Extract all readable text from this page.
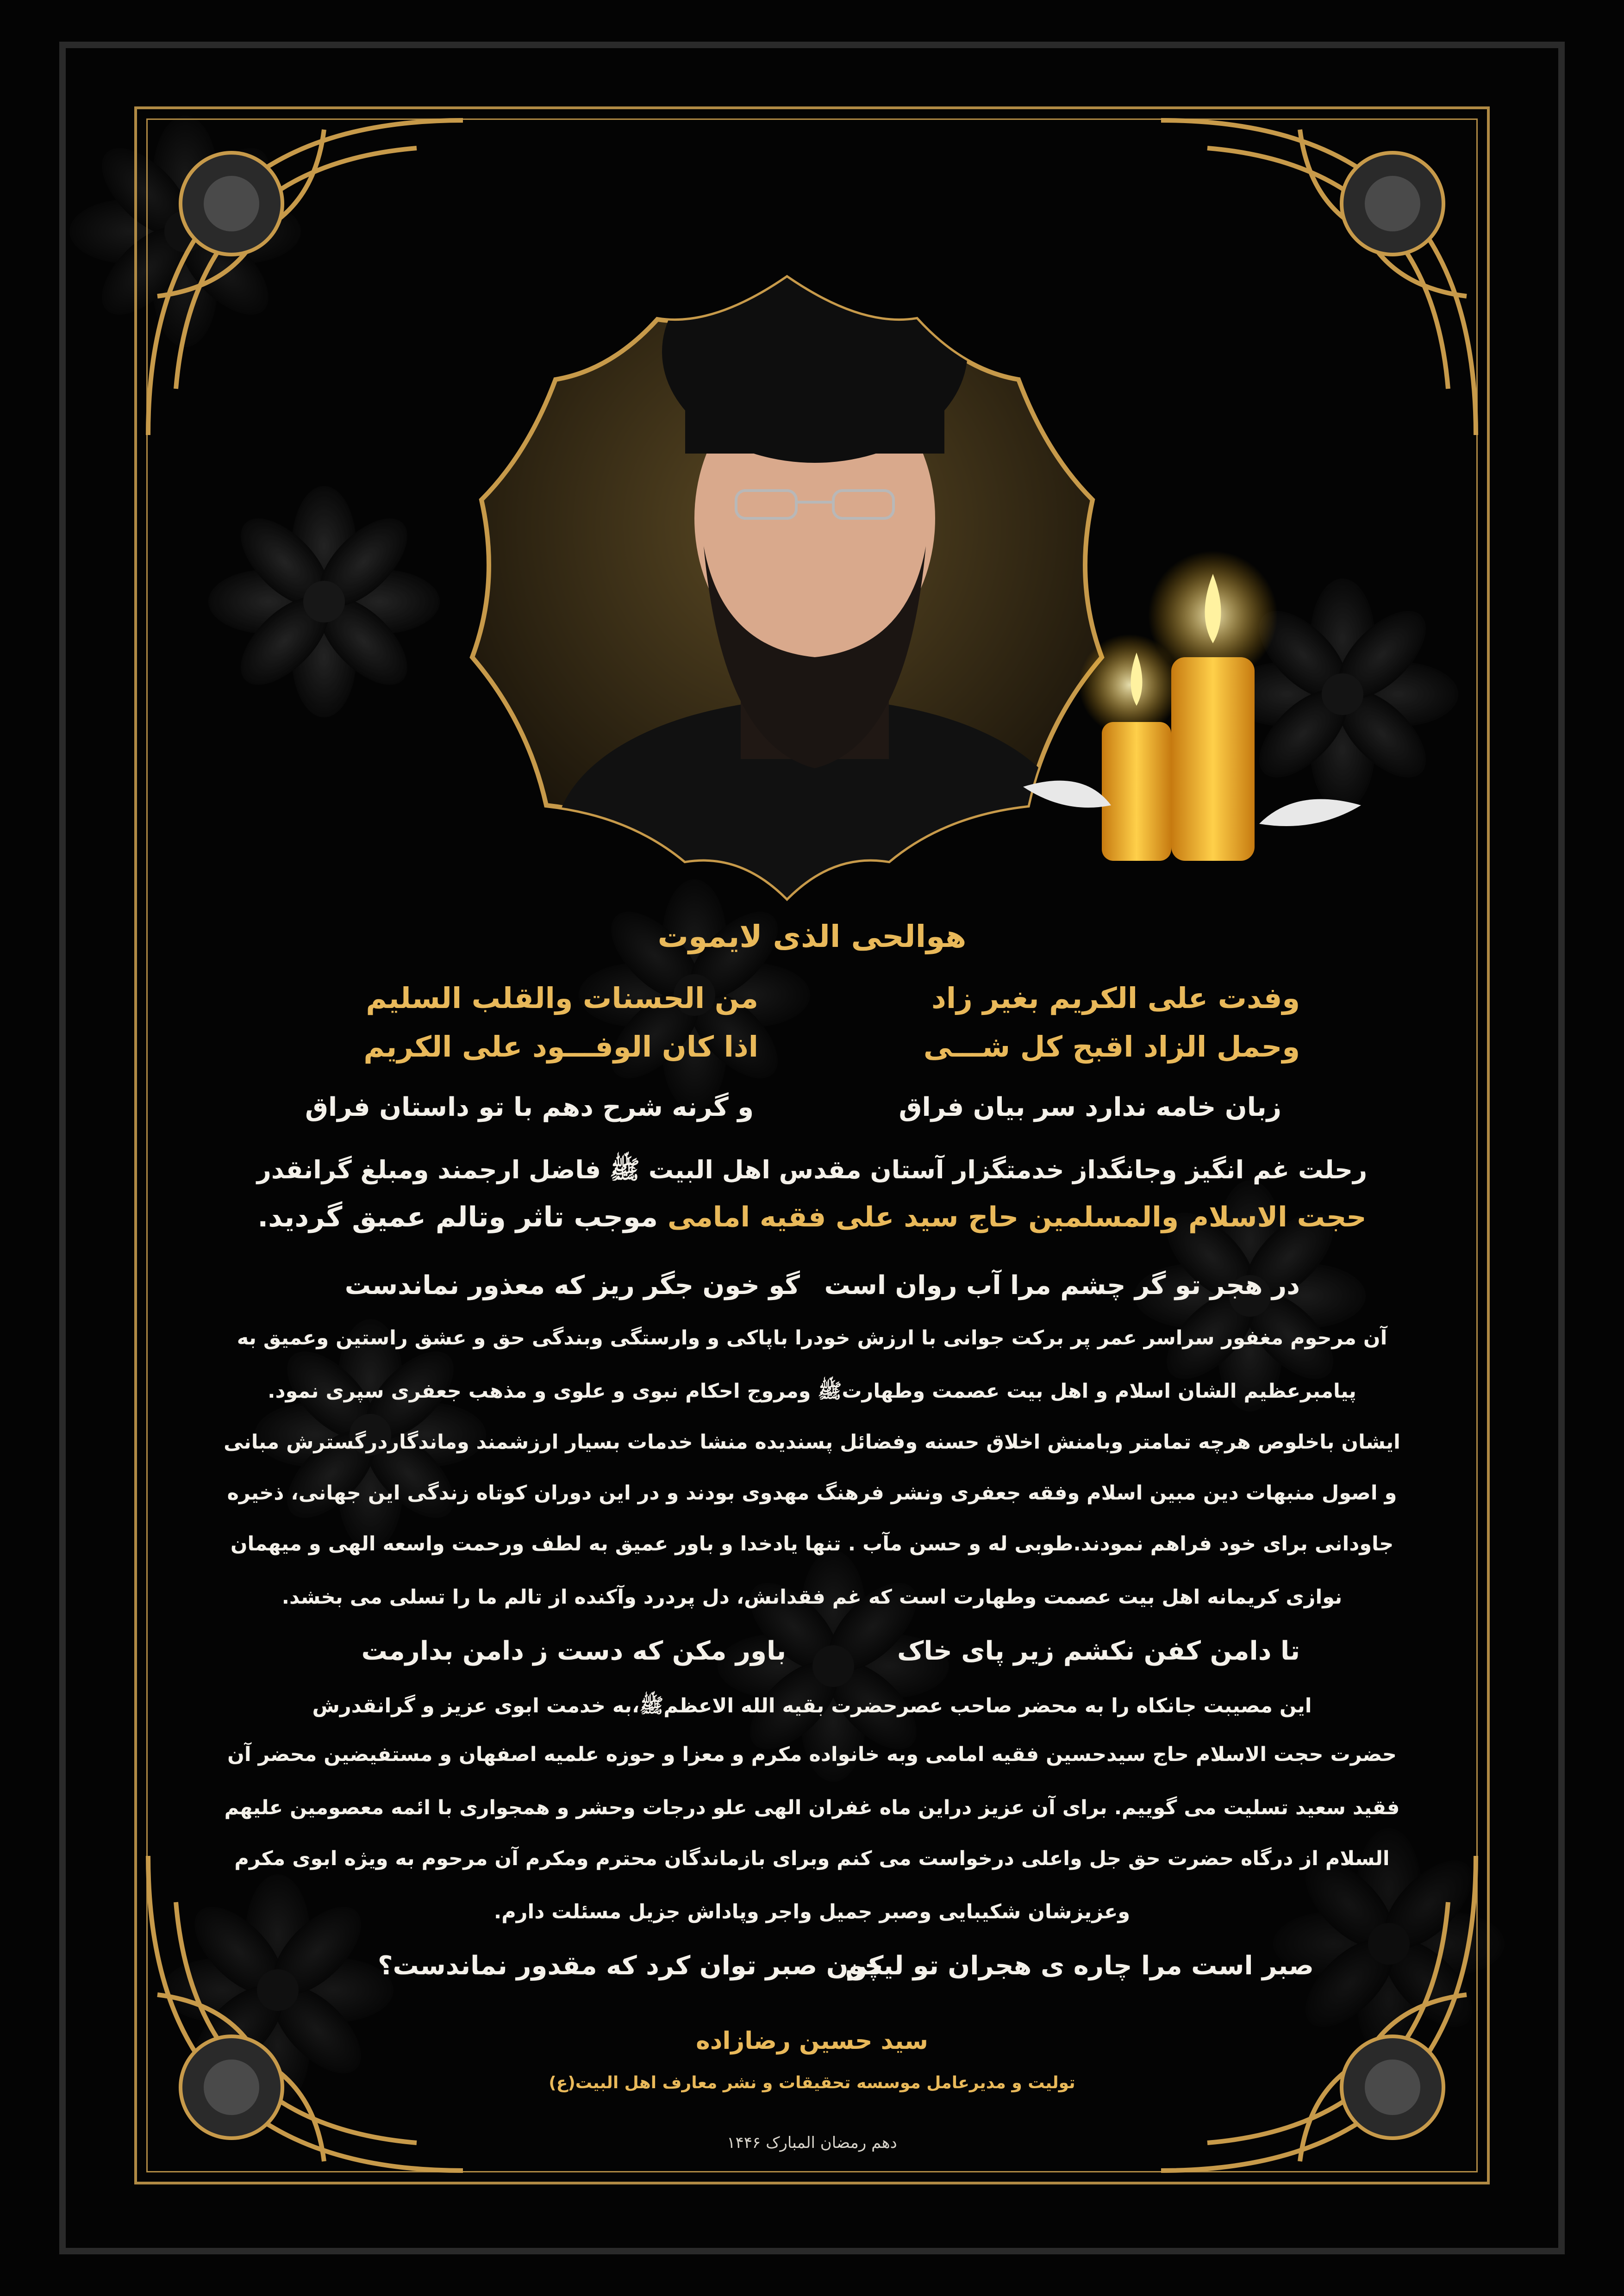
هوالحی الذی لایموت
وفدت علی الکریم بغیر زاد
من الحسنات والقلب السلیم
وحمل الزاد اقبح کل شـــی
اذا کان الوفـــود علی الکریم
زبان خامه ندارد سر بیان فراق
و گرنه شرح دهم با تو داستان فراق
رحلت غم انگیز وجانگداز خدمتگزار آستان مقدس اهل البیت ﷺ فاضل ارجمند ومبلغ گرانقدر
حجت الاسلام والمسلمین حاج سید علی فقیه امامی موجب تاثر وتالم عمیق گردید.
در هجر تو گر چشم مرا آب روان است
گو خون جگر ریز که معذور نماندست
آن مرحوم مغفور سراسر عمر پر برکت جوانی با ارزش خودرا باپاکی و وارستگی وبندگی حق و عشق راستین وعمیق به
پیامبرعظیم الشان اسلام و اهل بیت عصمت وطهارتﷺ ومروج احکام نبوی و علوی و مذهب جعفری سپری نمود.
ایشان باخلوص هرچه تمامتر وبامنش اخلاق حسنه وفضائل پسندیده منشا خدمات بسیار ارزشمند وماندگاردرگسترش مبانی
و اصول منبهات دین مبین اسلام وفقه جعفری ونشر فرهنگ مهدوی بودند و در این دوران کوتاه زندگی این جهانی، ذخیره
جاودانی برای خود فراهم نمودند.طوبی له و حسن مآب . تنها یادخدا و باور عمیق به لطف ورحمت واسعه الهی و میهمان
نوازی کریمانه اهل بیت عصمت وطهارت است که غم فقدانش، دل پردرد وآکنده از تالم ما را تسلی می بخشد.
تا دامن کفن نکشم زیر پای خاک
باور مکن که دست ز دامن بدارمت
این مصیبت جانکاه را به محضر صاحب عصرحضرت بقیه الله الاعظمﷺ،به خدمت ابوی عزیز و گرانقدرش
حضرت حجت الاسلام حاج سیدحسین فقیه امامی وبه خانواده مکرم و معزا و حوزه علمیه اصفهان و مستفیضین محضر آن
فقید سعید تسلیت می گوییم. برای آن عزیز دراین ماه غفران الهی علو درجات وحشر و همجواری با ائمه معصومین علیهم
السلام از درگاه حضرت حق جل واعلی درخواست می کنم وبرای بازماندگان محترم ومکرم آن مرحوم به ویژه ابوی مکرم
وعزیزشان شکیبایی وصبر جمیل واجر وپاداش جزیل مسئلت دارم.
صبر است مرا چاره ی هجران تو لیکن
چون صبر توان کرد که مقدور نماندست؟
سید حسین رضازاده
تولیت و مدیرعامل موسسه تحقیقات و نشر معارف اهل البیت(ع)
دهم رمضان المبارک ۱۴۴۶
